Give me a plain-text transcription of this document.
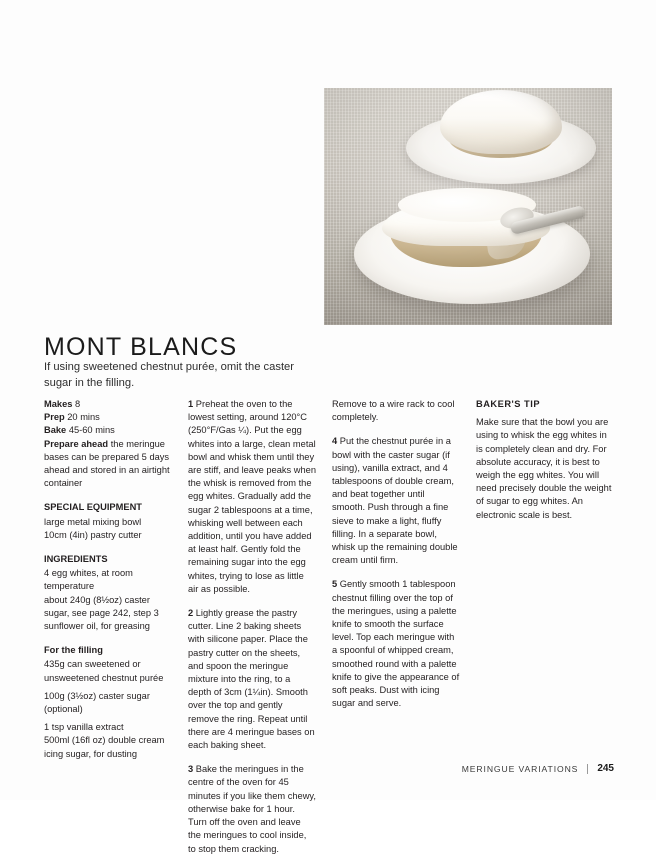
MONT BLANCS

If using sweetened chestnut purée, omit the caster sugar in the filling.

Makes 8

Prep 20 mins

Bake 45-60 mins

Prepare ahead the meringue bases can be prepared 5 days ahead and stored in an airtight container

SPECIAL EQUIPMENT

large metal mixing bowl

10cm (4in) pastry cutter

INGREDIENTS

4 egg whites, at room temperature

about 240g (8½oz) caster sugar, see page 242, step 3

sunflower oil, for greasing

For the filling

435g can sweetened or unsweetened chestnut purée

100g (3½oz) caster sugar (optional)

1 tsp vanilla extract

500ml (16fl oz) double cream

icing sugar, for dusting

1 Preheat the oven to the lowest setting, around 120°C (250°F/Gas ¼). Put the egg whites into a large, clean metal bowl and whisk them until they are stiff, and leave peaks when the whisk is removed from the egg whites. Gradually add the sugar 2 tablespoons at a time, whisking well between each addition, until you have added at least half. Gently fold the remaining sugar into the egg whites, trying to lose as little air as possible.

2 Lightly grease the pastry cutter. Line 2 baking sheets with silicone paper. Place the pastry cutter on the sheets, and spoon the meringue mixture into the ring, to a depth of 3cm (1¼in). Smooth over the top and gently remove the ring. Repeat until there are 4 meringue bases on each baking sheet.

3 Bake the meringues in the centre of the oven for 45 minutes if you like them chewy, otherwise bake for 1 hour. Turn off the oven and leave the meringues to cool inside, to stop them cracking.

Remove to a wire rack to cool completely.

4 Put the chestnut purée in a bowl with the caster sugar (if using), vanilla extract, and 4 tablespoons of double cream, and beat together until smooth. Push through a fine sieve to make a light, fluffy filling. In a separate bowl, whisk up the remaining double cream until firm.

5 Gently smooth 1 tablespoon chestnut filling over the top of the meringues, using a palette knife to smooth the surface level. Top each meringue with a spoonful of whipped cream, smoothed round with a palette knife to give the appearance of soft peaks. Dust with icing sugar and serve.

BAKER'S TIP

Make sure that the bowl you are using to whisk the egg whites in is completely clean and dry. For absolute accuracy, it is best to weigh the egg whites. You will need precisely double the weight of sugar to egg whites. An electronic scale is best.

MERINGUE VARIATIONS 245
